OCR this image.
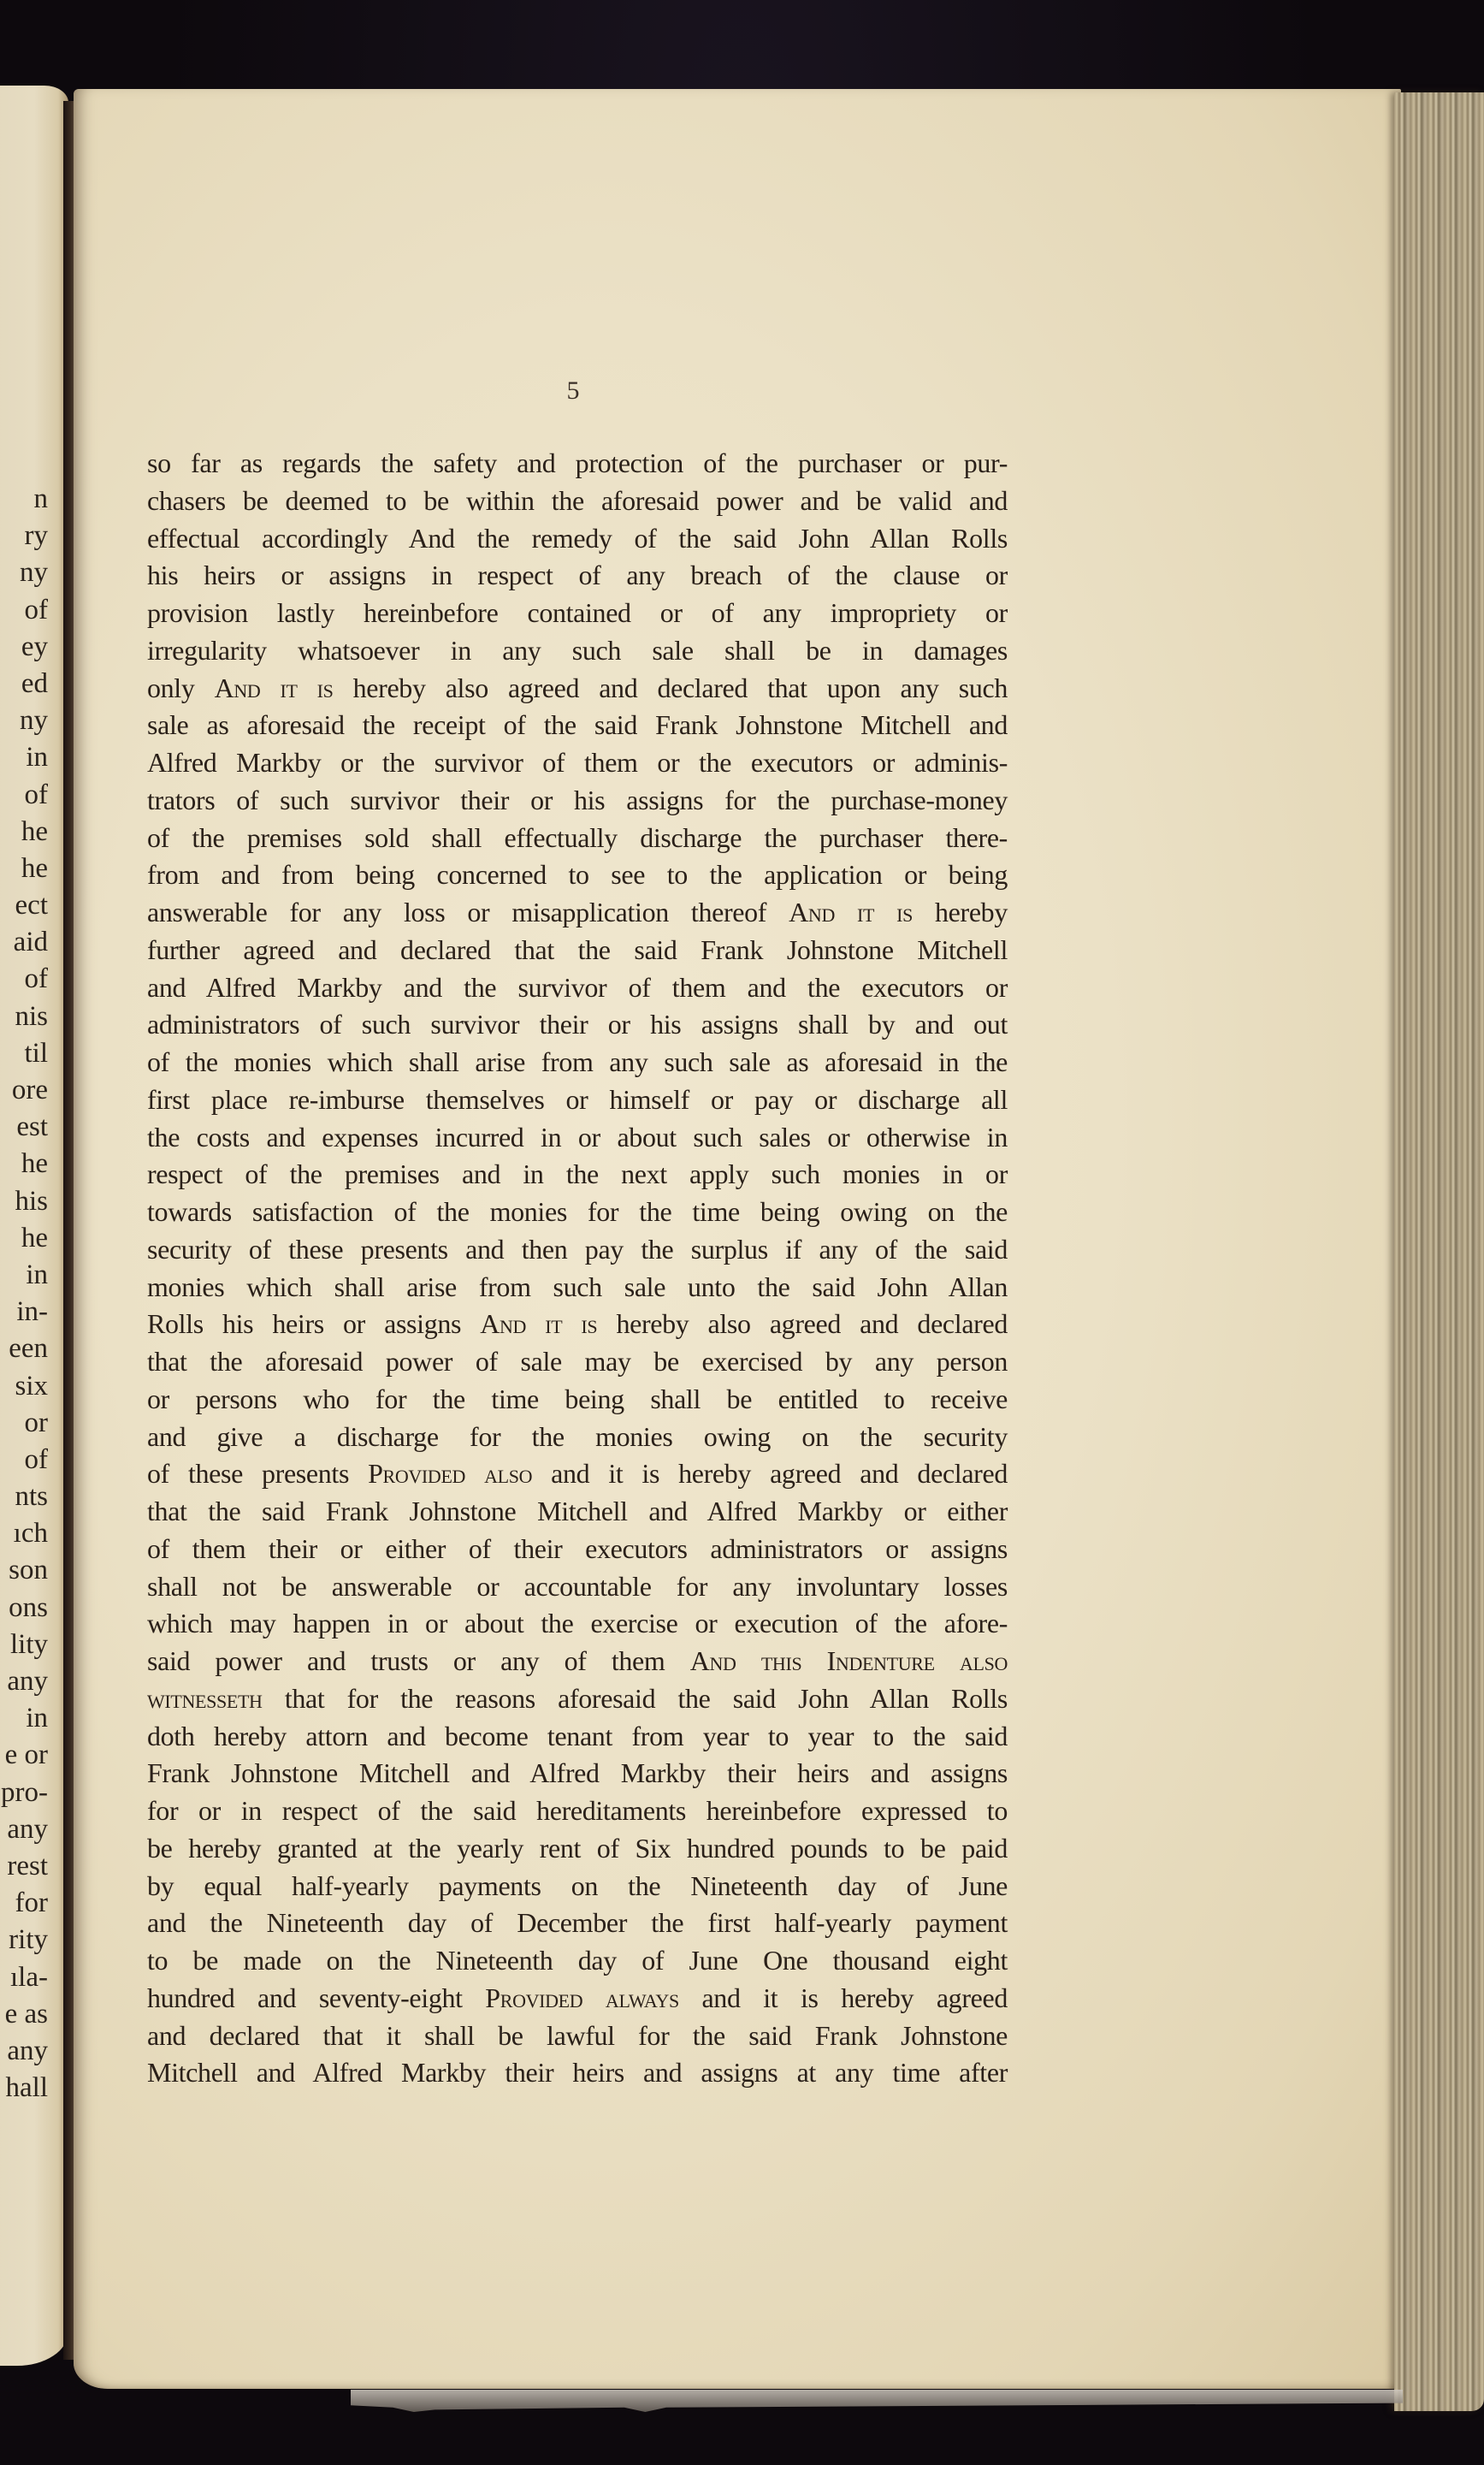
n
ry
ny
of
ey
ed
ny
in
of
he
he
ect
aid
of
nis
til
ore
est
he
his
he
in
in-
een
six
or
of
nts
ıch
son
ons
lity
any
in
e or
pro-
any
rest
for
rity
ıla-
e as
any
hall
5
so far as regards the safety and protection of the purchaser or pur-
chasers be deemed to be within the aforesaid power and be valid and
effectual accordingly And the remedy of the said John Allan Rolls
his heirs or assigns in respect of any breach of the clause or
provision lastly hereinbefore contained or of any impropriety or
irregularity whatsoever in any such sale shall be in damages
only And it is hereby also agreed and declared that upon any such
sale as aforesaid the receipt of the said Frank Johnstone Mitchell and
Alfred Markby or the survivor of them or the executors or adminis-
trators of such survivor their or his assigns for the purchase-money
of the premises sold shall effectually discharge the purchaser there-
from and from being concerned to see to the application or being
answerable for any loss or misapplication thereof And it is hereby
further agreed and declared that the said Frank Johnstone Mitchell
and Alfred Markby and the survivor of them and the executors or
administrators of such survivor their or his assigns shall by and out
of the monies which shall arise from any such sale as aforesaid in the
first place re-imburse themselves or himself or pay or discharge all
the costs and expenses incurred in or about such sales or otherwise in
respect of the premises and in the next apply such monies in or
towards satisfaction of the monies for the time being owing on the
security of these presents and then pay the surplus if any of the said
monies which shall arise from such sale unto the said John Allan
Rolls his heirs or assigns And it is hereby also agreed and declared
that the aforesaid power of sale may be exercised by any person
or persons who for the time being shall be entitled to receive
and give a discharge for the monies owing on the security
of these presents Provided also and it is hereby agreed and declared
that the said Frank Johnstone Mitchell and Alfred Markby or either
of them their or either of their executors administrators or assigns
shall not be answerable or accountable for any involuntary losses
which may happen in or about the exercise or execution of the afore-
said power and trusts or any of them And this Indenture also
witnesseth that for the reasons aforesaid the said John Allan Rolls
doth hereby attorn and become tenant from year to year to the said
Frank Johnstone Mitchell and Alfred Markby their heirs and assigns
for or in respect of the said hereditaments hereinbefore expressed to
be hereby granted at the yearly rent of Six hundred pounds to be paid
by equal half-yearly payments on the Nineteenth day of June
and the Nineteenth day of December the first half-yearly payment
to be made on the Nineteenth day of June One thousand eight
hundred and seventy-eight Provided always and it is hereby agreed
and declared that it shall be lawful for the said Frank Johnstone
Mitchell and Alfred Markby their heirs and assigns at any time after
